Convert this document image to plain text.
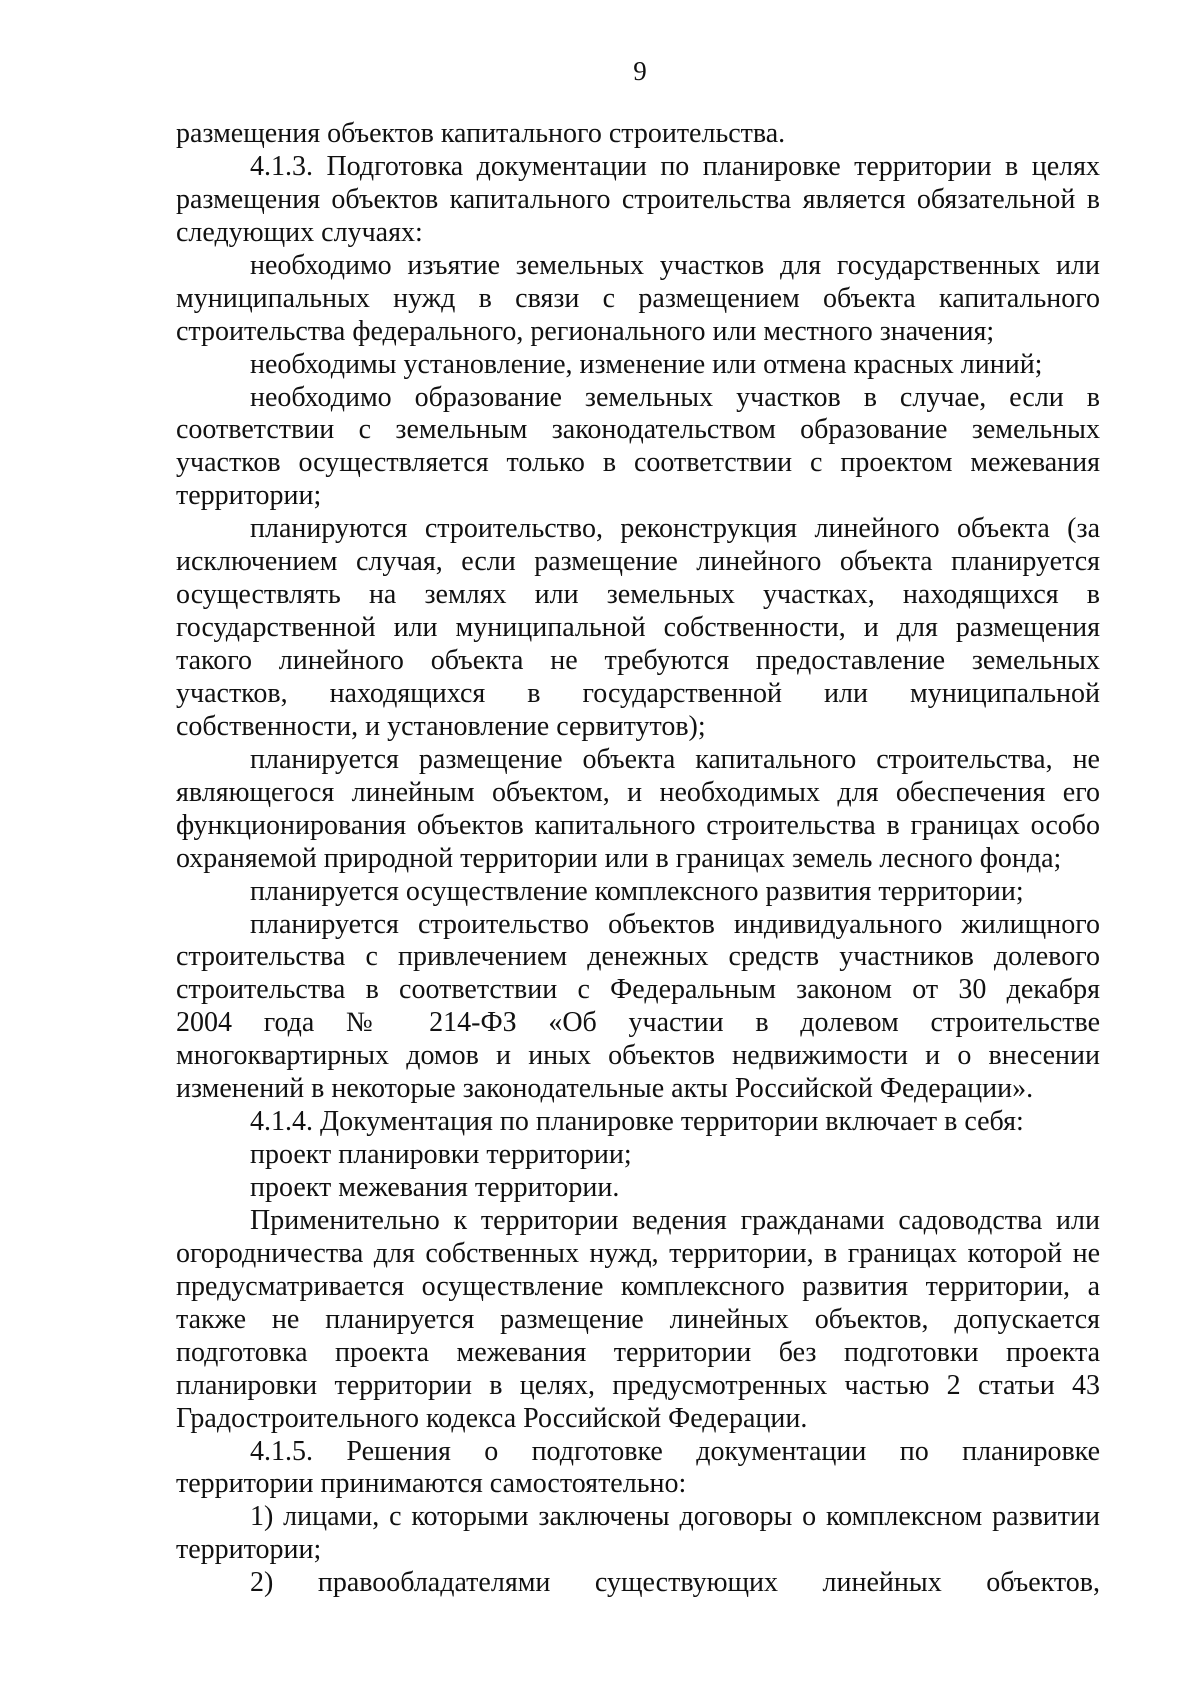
9
размещения объектов капитального строительства.
4.1.3. Подготовка документации по планировке территории в целях
размещения объектов капитального строительства является обязательной в
следующих случаях:
необходимо изъятие земельных участков для государственных или
муниципальных нужд в связи с размещением объекта капитального
строительства федерального, регионального или местного значения;
необходимы установление, изменение или отмена красных линий;
необходимо образование земельных участков в случае, если в
соответствии с земельным законодательством образование земельных
участков осуществляется только в соответствии с проектом межевания
территории;
планируются строительство, реконструкция линейного объекта (за
исключением случая, если размещение линейного объекта планируется
осуществлять на землях или земельных участках, находящихся в
государственной или муниципальной собственности, и для размещения
такого линейного объекта не требуются предоставление земельных
участков, находящихся в государственной или муниципальной
собственности, и установление сервитутов);
планируется размещение объекта капитального строительства, не
являющегося линейным объектом, и необходимых для обеспечения его
функционирования объектов капитального строительства в границах особо
охраняемой природной территории или в границах земель лесного фонда;
планируется осуществление комплексного развития территории;
планируется строительство объектов индивидуального жилищного
строительства с привлечением денежных средств участников долевого
строительства в соответствии с Федеральным законом от 30 декабря
2004 года № 214-ФЗ «Об участии в долевом строительстве
многоквартирных домов и иных объектов недвижимости и о внесении
изменений в некоторые законодательные акты Российской Федерации».
4.1.4. Документация по планировке территории включает в себя:
проект планировки территории;
проект межевания территории.
Применительно к территории ведения гражданами садоводства или
огородничества для собственных нужд, территории, в границах которой не
предусматривается осуществление комплексного развития территории, а
также не планируется размещение линейных объектов, допускается
подготовка проекта межевания территории без подготовки проекта
планировки территории в целях, предусмотренных частью 2 статьи 43
Градостроительного кодекса Российской Федерации.
4.1.5. Решения о подготовке документации по планировке
территории принимаются самостоятельно:
1) лицами, с которыми заключены договоры о комплексном развитии
территории;
2) правообладателями существующих линейных объектов,
